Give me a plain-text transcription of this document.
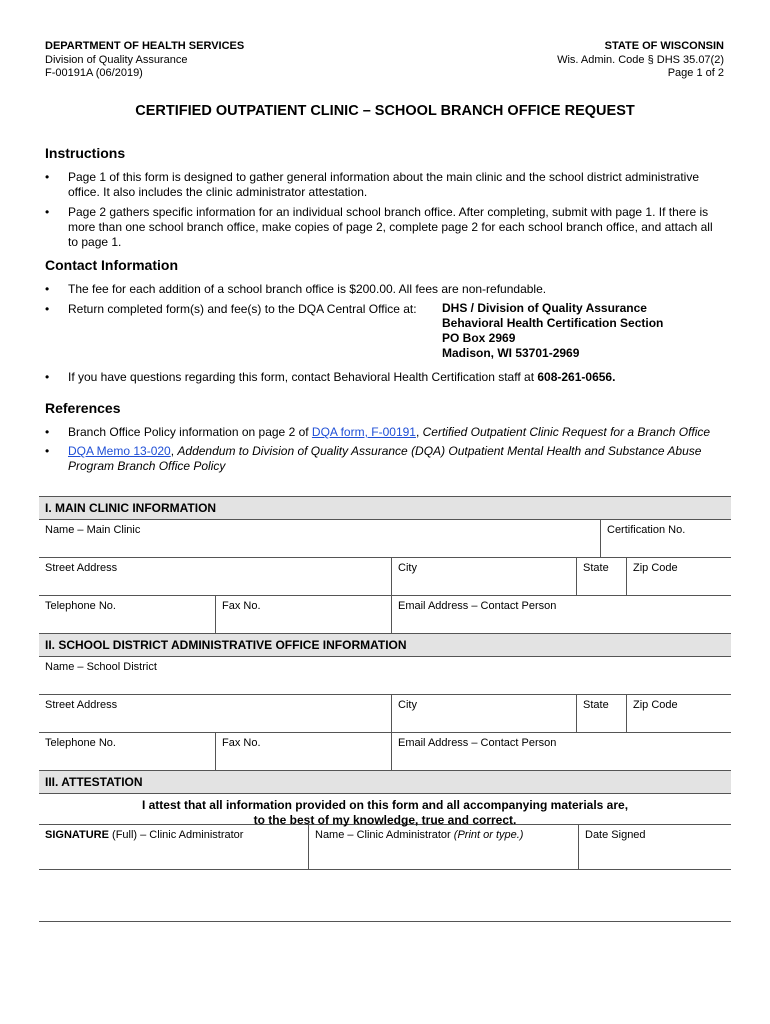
DEPARTMENT OF HEALTH SERVICES
Division of Quality Assurance
F-00191A (06/2019)
STATE OF WISCONSIN
Wis. Admin. Code § DHS 35.07(2)
Page 1 of 2
CERTIFIED OUTPATIENT CLINIC – SCHOOL BRANCH OFFICE REQUEST
Instructions
• Page 1 of this form is designed to gather general information about the main clinic and the school district administrative office. It also includes the clinic administrator attestation.
• Page 2 gathers specific information for an individual school branch office. After completing, submit with page 1. If there is more than one school branch office, make copies of page 2, complete page 2 for each school branch office, and attach all to page 1.
Contact Information
• The fee for each addition of a school branch office is $200.00. All fees are non-refundable.
• Return completed form(s) and fee(s) to the DQA Central Office at:	DHS / Division of Quality Assurance
Behavioral Health Certification Section
PO Box 2969
Madison, WI 53701-2969
• If you have questions regarding this form, contact Behavioral Health Certification staff at 608-261-0656.
References
• Branch Office Policy information on page 2 of DQA form, F-00191, Certified Outpatient Clinic Request for a Branch Office
• DQA Memo 13-020, Addendum to Division of Quality Assurance (DQA) Outpatient Mental Health and Substance Abuse Program Branch Office Policy
I. MAIN CLINIC INFORMATION
Name – Main Clinic	Certification No.
Street Address	City	State	Zip Code
Telephone No.	Fax No.	Email Address – Contact Person
II. SCHOOL DISTRICT ADMINISTRATIVE OFFICE INFORMATION
Name – School District
Street Address	City	State	Zip Code
Telephone No.	Fax No.	Email Address – Contact Person
III. ATTESTATION
I attest that all information provided on this form and all accompanying materials are,
to the best of my knowledge, true and correct.
SIGNATURE (Full) – Clinic Administrator	Name – Clinic Administrator (Print or type.)	Date Signed
